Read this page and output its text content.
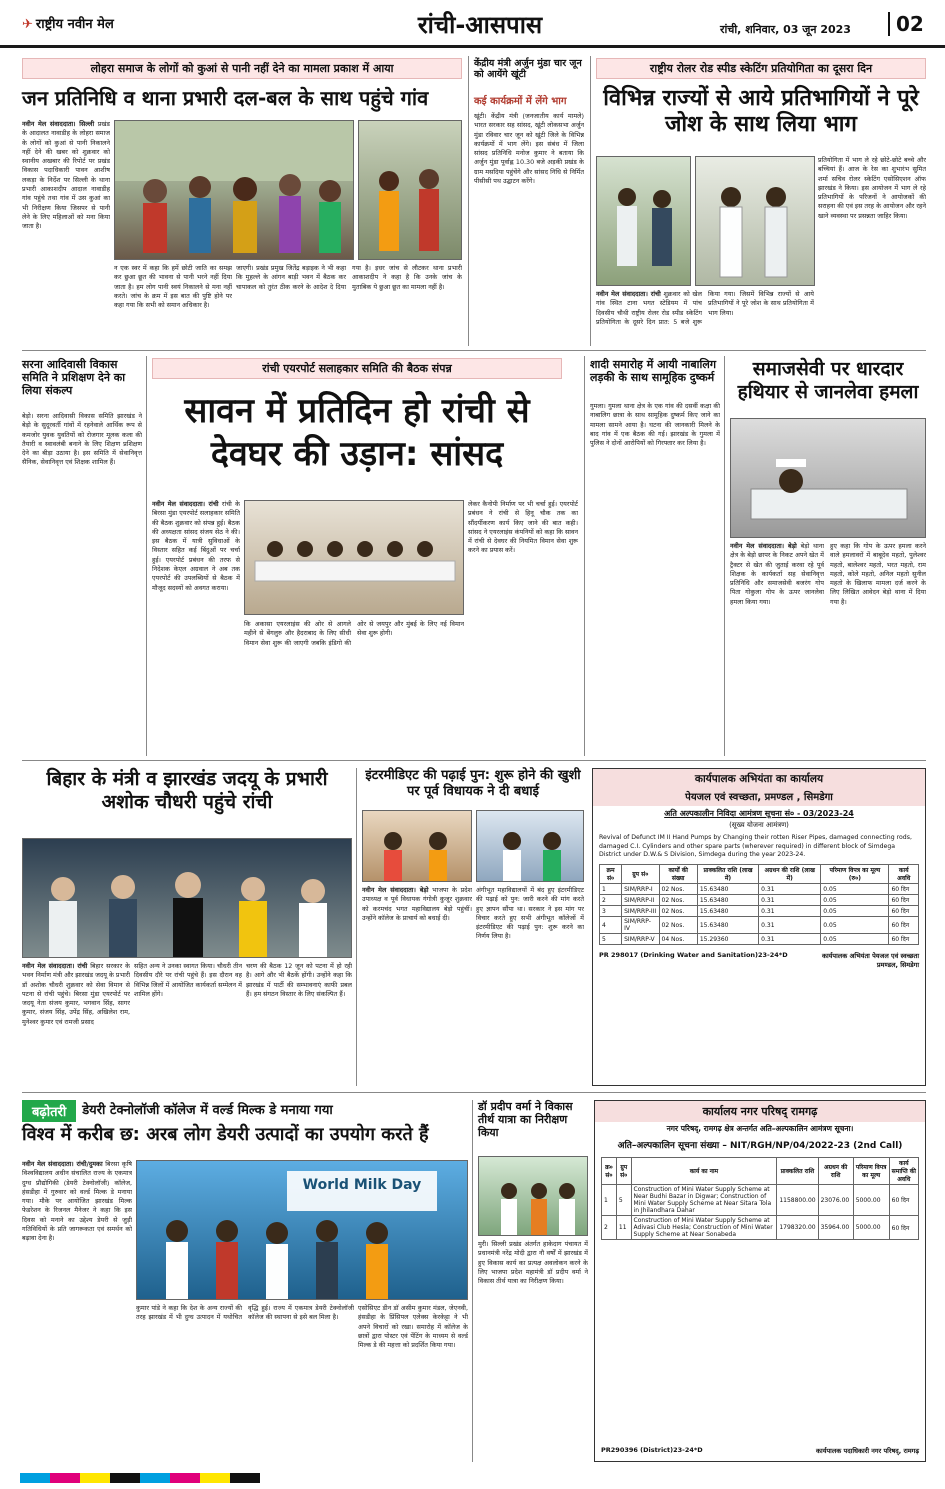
✈ राष्ट्रीय नवीन मेल	रांची-आसपास	रांची, शनिवार, 03 जून 2023	02
लोहरा समाज के लोगों को कुआं से पानी नहीं देने का मामला प्रकाश में आया
जन प्रतिनिधि व थाना प्रभारी दल-बल के साथ पहुंचे गांव
नवीन मेल संवाददाता। सिल्ली प्रखंड के आदालत नावाडीह के लोहरा समाज के लोगों को कुआं से पानी निकालने नहीं देने की खबर को शुक्रवार को स्थानीय अखबार की रिपोर्ट पर प्रखंड विकास पदाधिकारी पावन आशीष लकड़ा के निर्देश पर सिल्ली के थाना प्रभारी आकाशदीप आदाल नावाडीह गांव पहुंचे तथा गांव में उस कुआं का भी निरीक्षण किया जिसपर से पानी लेने के लिए महिलाओं को मना किया जाता है।
न एक स्वर में कहा कि हमें छोटी जाति का समझ कर छुआ छूत की भावना से पानी भरने नहीं दिया जाता है। हम लोग पानी स्वयं निकालने से मना नहीं करते। जांच के क्रम में इस बात की पुष्टि होने पर कहा गया कि सभी को समान अधिकार है।
जाएगी। प्रखंड प्रमुख जितेंद्र बड़ाइक ने भी कहा कि मुहल्ले के आंगन बाड़ी भवन में बैठक कर चापाकल को तुरंत ठीक करने के आदेश दे दिया गया है। इधर जांच से लौटकर थाना प्रभारी आकाशदीप ने कहा है कि उनके जांच के मुताबिक ये छुआ छूत का मामला नहीं है।
केंद्रीय मंत्री अर्जुन मुंडा चार जून को आयेंगे खूंटी
कई कार्यक्रमों में लेंगे भाग
खूंटी। केंद्रीय मंत्री (जनजातीय कार्य मामले) भारत सरकार सह सांसद, खूंटी लोकसभा अर्जुन मुंडा रविवार चार जून को खूंटी जिले के विभिन्न कार्यक्रमों में भाग लेंगे। इस संबंध में जिला सांसद प्रतिनिधि मनोज कुमार ने बताया कि अर्जुन मुंडा पूर्वाह्न 10.30 बजे अड़की प्रखंड के ग्राम मसदिया पहुंचेंगे और सांसद निधि से निर्मित पीसीसी पथ उद्घाटन करेंगे।
राष्ट्रीय रोलर रोड स्पीड स्केटिंग प्रतियोगिता का दूसरा दिन
विभिन्न राज्यों से आये प्रतिभागियों ने पूरे जोश के साथ लिया भाग
प्रतियोगिता में भाग ले रहे छोटे-छोटे बच्चे और बच्चियां हैं। आज के रेस का शुभारंभ सुमित शर्मा सचिव रोलर स्केटिंग एसोसिएशन ऑफ झारखंड ने किया। इस आयोजन में भाग ले रहे प्रतिभागियों के परिजनों ने आयोजकों की सराहना की एवं इस तरह के आयोजन और रहने खाने व्यवस्था पर प्रसन्नता जाहिर किया।
नवीन मेल संवाददाता। रांची शुक्रवार को खेल गांव स्थित टाना भगत स्टेडियम में पांच दिवसीय चौथी राष्ट्रीय रोलर रोड स्पीड स्केटिंग प्रतियोगिता के दूसरे दिन प्रात: 5 बजे शुरू किया गया। जिसमें विभिन्न राज्यों से आये प्रतिभागियों ने पूरे जोश के साथ प्रतियोगिता में भाग लिया।
सरना आदिवासी विकास समिति ने प्रशिक्षण देने का लिया संकल्प
बेड़ो। सरना आदिवासी विकास समिति झारखंड ने बेड़ो के सुदूरवर्ती गांवों में रहनेवाले आर्थिक रूप से कमजोर युवक युवतियों को रोजगार मूलक कला की तैयारी व स्वावलंबी बनाने के लिए शिक्षण प्रशिक्षण देने का बीड़ा उठाया है। इस समिति में सेवानिवृत्त सैनिक, सेवानिवृत्त एवं शिक्षक शामिल हैं।
रांची एयरपोर्ट सलाहकार समिति की बैठक संपन्न
सावन में प्रतिदिन हो रांची से देवघर की उड़ान: सांसद
नवीन मेल संवाददाता। रांची रांची के बिरसा मुंडा एयरपोर्ट सलाहकार समिति की बैठक शुक्रवार को संपन्न हुई। बैठक की अध्यक्षता सांसद संजय सेठ ने की। इस बैठक में यात्री सुविधाओं के विस्तार सहित कई बिंदुओं पर चर्चा हुई। एयरपोर्ट प्रबंधन की तरफ से निदेशक केएल अग्रवाल ने अब तक एयरपोर्ट की उपलब्धियों से बैठक में मौजूद सदस्यों को अवगत कराया।
कि अकासा एयरलाइंस की ओर से आगले महीने से बेंगलुरु और हैदराबाद के लिए सीधी विमान सेवा शुरू की जाएगी जबकि इंडिगो की ओर से जयपुर और मुंबई के लिए नई विमान सेवा शुरू होगी।
लेकर कैनोपी निर्माण पर भी चर्चा हुई। एयरपोर्ट प्रबंधन ने रांची से हिनू चौक तक का सौंदर्यीकरण कार्य किए जाने की बात कही। सांसद ने एयरलाइंस कंपनियों को कहा कि सावन में रांची से देवघर की नियमित विमान सेवा शुरू करने का प्रयास करें।
शादी समारोह में आयी नाबालिग लड़की के साथ सामूहिक दुष्कर्म
गुमला। गुमला थाना क्षेत्र के एक गांव की दसवीं कक्षा की नाबालिग छात्रा के साथ सामूहिक दुष्कर्म किए जाने का मामला सामने आया है। घटना की जानकारी मिलने के बाद गांव में एक बैठक की गई। झारखंड के गुमला में पुलिस ने दोनों आरोपियों को गिरफ्तार कर लिया है।
समाजसेवी पर धारदार हथियार से जानलेवा हमला
नवीन मेल संवाददाता। बेड़ो बेड़ो थाना क्षेत्र के बेड़ो छापर के निकट अपने खेत में ट्रैक्टर से खेत की जुताई करवा रहे पूर्व शिक्षक के कार्यकर्ता सह सेवानिवृत्त प्रतिनिधि और समाजसेवी बजरंग गोप पिता गोकुला गोप के ऊपर जानलेवा हमला किया गया।
हुए कहा कि गोप के ऊपर हमला करने वाले हमलावरों में बाबूदेव महतो, पुलेश्वर महतो, बालेश्वर महतो, भरत महतो, राम महतो, कोले महतो, अनिल महतो सुनील महतो के खिलाफ मामला दर्ज करने के लिए लिखित आवेदन बेड़ो थाना में दिया गया है।
बिहार के मंत्री व झारखंड जदयू के प्रभारी अशोक चौधरी पहुंचे रांची
नवीन मेल संवाददाता। रांची बिहार सरकार के भवन निर्माण मंत्री और झारखंड जदयू के प्रभारी डॉ अशोक चौधरी शुक्रवार को सेवा विमान से पटना से रांची पहुंचे। बिरसा मुंडा एयरपोर्ट पर जदयू नेता संजय कुमार, भगवान सिंह, सागर कुमार, संजय सिंह, उपेंद्र सिंह, अखिलेश राम, मुनेश्वर कुमार एवं रामजी प्रसाद
सहित अन्य ने उनका स्वागत किया। चौधरी तीन दिवसीय दौरे पर रांची पहुंचे हैं। इस दौरान वह विभिन्न जिलों में आयोजित कार्यकर्ता सम्मेलन में शामिल होंगे।
चरण की बैठक 12 जून को पटना में हो रही है। आगे और भी बैठकें होंगी। उन्होंने कहा कि झारखंड में पार्टी की सम्भावनाएं काफी प्रबल हैं। हम संगठन विस्तार के लिए संकल्पित हैं।
इंटरमीडिएट की पढ़ाई पुन: शुरू होने की खुशी पर पूर्व विधायक ने दी बधाई
नवीन मेल संवाददाता। बेड़ो भाजपा के प्रदेश उपाध्यक्ष व पूर्व विधायक गंगोत्री कुजूर शुक्रवार को करमचंद भगत महाविद्यालय बेड़ो पहुंचीं। उन्होंने कॉलेज के प्राचार्य को बधाई दी।
अंगीभूत महाविद्यालयों में बंद हुए इंटरमीडिएट की पढ़ाई को पुन: जारी करने की मांग करते हुए ज्ञापन सौंपा था। सरकार ने इस मांग पर विचार करते हुए सभी अंगीभूत कॉलेजों में इंटरमीडिएट की पढ़ाई पुन: शुरू करने का निर्णय लिया है।
कार्यपालक अभियंता का कार्यालय
पेयजल एवं स्वच्छता, प्रमण्डल , सिमडेगा
अति अल्पकालीन निविदा आमंत्रण सूचना सं० - 03/2023-24
(सूख्य योजना आमंत्रण)
Revival of Defunct IM II Hand Pumps by Changing their rotten Riser Pipes, damaged connecting rods, damaged C.I. Cylinders and other spare parts (wherever required) in different block of Simdega District under D.W.& S Division, Simdega during the year 2023-24.
क्रम सं०	ग्रुप सं०	कार्यों की संख्या	प्राक्कलित राशि (लाख में)	अग्रधन की राशि (लाख में)	परिमाण विपत्र का मूल्य (रु०)	कार्य अवधि
1	SIM/RRP-I	02 Nos.	15.63480	0.31	0.05	60 दिन
2	SIM/RRP-II	02 Nos.	15.63480	0.31	0.05	60 दिन
3	SIM/RRP-III	02 Nos.	15.63480	0.31	0.05	60 दिन
4	SIM/RRP-IV	02 Nos.	15.63480	0.31	0.05	60 दिन
5	SIM/RRP-V	04 Nos.	15.29360	0.31	0.05	60 दिन
PR 298017 (Drinking Water and Sanitation)23-24*D	कार्यपालक अभियंता पेयजल एवं स्वच्छता प्रमण्डल, सिमडेगा
बढ़ोतरी	डेयरी टेक्नोलॉजी कॉलेज में वर्ल्ड मिल्क डे मनाया गया
विश्व में करीब छ: अरब लोग डेयरी उत्पादों का उपयोग करते हैं
नवीन मेल संवाददाता। रांची/दुमका बिरसा कृषि विश्वविद्यालय अधीन संचालित राज्य के एकमात्र दुग्ध प्रौद्योगिकी (डेयरी टेक्नोलॉजी) कॉलेज, हंसडीहा में गुरुवार को वर्ल्ड मिल्क डे मनाया गया। मौके पर आयोजित झारखंड मिल्क फेडरेशन के रिजनल मैनेजर ने कहा कि इस दिवस को मनाने का उद्देश्य डेयरी से जुड़ी गतिविधियों के प्रति जागरूकता एवं समर्थन को बढ़ावा देना है।
World Milk Day
कुमार पांडे ने कहा कि देश के अन्य राज्यों की तरह झारखंड में भी दुग्ध उत्पादन में यथोचित वृद्धि हुई। राज्य में एकमात्र डेयरी टेक्नोलॉजी कॉलेज की स्थापना से इसे बल मिला है।
एसोसिएट डीन डॉ असीम कुमार मंडल, जेएनवी, हंसडीहा के प्रिंसिपल एलेक्स केरकेट्टा ने भी अपने विचारों को रखा। समारोह में कॉलेज के छात्रों द्वारा पोस्टर एवं पेंटिंग के माध्यम से वर्ल्ड मिल्क डे की महत्ता को प्रदर्शित किया गया।
डॉ प्रदीप वर्मा ने विकास तीर्थ यात्रा का निरीक्षण किया
मुरी। सिल्ली प्रखंड अंतर्गत हाकेदाग पंचायत में प्रधानमंत्री नरेंद्र मोदी द्वारा नौ वर्षों में झारखंड में हुए विकास कार्य का प्रत्यक्ष अवलोकन करने के लिए भाजपा प्रदेश महामंत्री डॉ प्रदीप वर्मा ने विकास तीर्थ यात्रा का निरीक्षण किया।
कार्यालय नगर परिषद् रामगढ़
नगर परिषद्, रामगढ़ क्षेत्र अन्तर्गत अति–अल्पकालिन आमंत्रण सूचना।
अति–अल्पकालिन सूचना संख्या – NIT/RGH/NP/04/2022-23 (2nd Call)
क्र० सं०	ग्रुप सं०	कार्य का नाम	प्राक्कलित राशि	अग्रधन की राशि	परिमाण विपत्र का मूल्य	कार्य समाप्ति की अवधि
1	5	Construction of Mini Water Supply Scheme at Near Budhi Bazar in Digwar; Construction of Mini Water Supply Scheme at Near Sitara Tola in Jhilandhara Dahar	1158800.00	23076.00	5000.00	60 दिन
2	11	Construction of Mini Water Supply Scheme at Adivasi Club Hesla; Construction of Mini Water Supply Scheme at Near Sonabeda	1798320.00	35964.00	5000.00	60 दिन
PR290396 (District)23-24*D	कार्यपालक पदाधिकारी नगर परिषद्, रामगढ़
